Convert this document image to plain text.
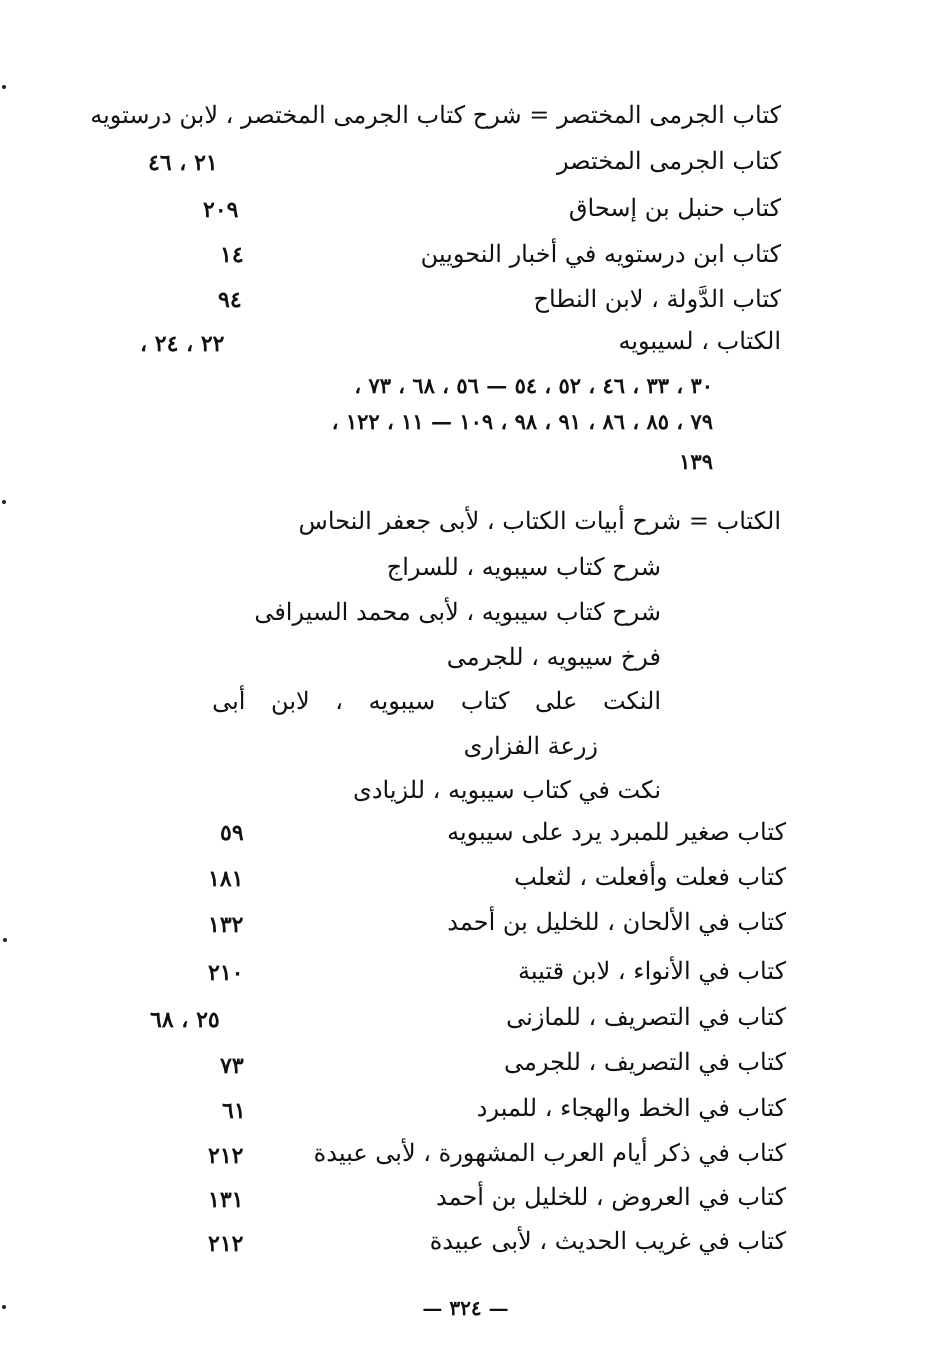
كتاب الجرمى المختصر = شرح كتاب الجرمى المختصر ، لابن درستويه
كتاب الجرمى المختصر
٢١ ، ٤٦
كتاب حنبل بن إسحاق
٢٠٩
كتاب ابن درستويه في أخبار النحويين
١٤
كتاب الدَّولة ، لابن النطاح
٩٤
الكتاب ، لسيبويه
٢٢ ، ٢٤ ،
٣٠ ، ٣٣ ، ٤٦ ، ٥٢ ، ٥٤ — ٥٦ ، ٦٨ ، ٧٣ ،
٧٩ ، ٨٥ ، ٨٦ ، ٩١ ، ٩٨ ، ١٠٩ — ١١ ، ١٢٢ ،
١٣٩
الكتاب = شرح أبيات الكتاب ، لأبى جعفر النحاس
شرح كتاب سيبويه ، للسراج
شرح كتاب سيبويه ، لأبى محمد السيرافى
فرخ سيبويه ، للجرمى
النكت على كتاب سيبويه ، لابن أبى
زرعة الفزارى
نكت في كتاب سيبويه ، للزيادى
كتاب صغير للمبرد يرد على سيبويه
٥٩
كتاب فعلت وأفعلت ، لثعلب
١٨١
كتاب في الألحان ، للخليل بن أحمد
١٣٢
كتاب في الأنواء ، لابن قتيبة
٢١٠
كتاب في التصريف ، للمازنى
٢٥ ، ٦٨
كتاب في التصريف ، للجرمى
٧٣
كتاب في الخط والهجاء ، للمبرد
٦١
كتاب في ذكر أيام العرب المشهورة ، لأبى عبيدة
٢١٢
كتاب في العروض ، للخليل بن أحمد
١٣١
كتاب في غريب الحديث ، لأبى عبيدة
٢١٢
— ٣٢٤ —
